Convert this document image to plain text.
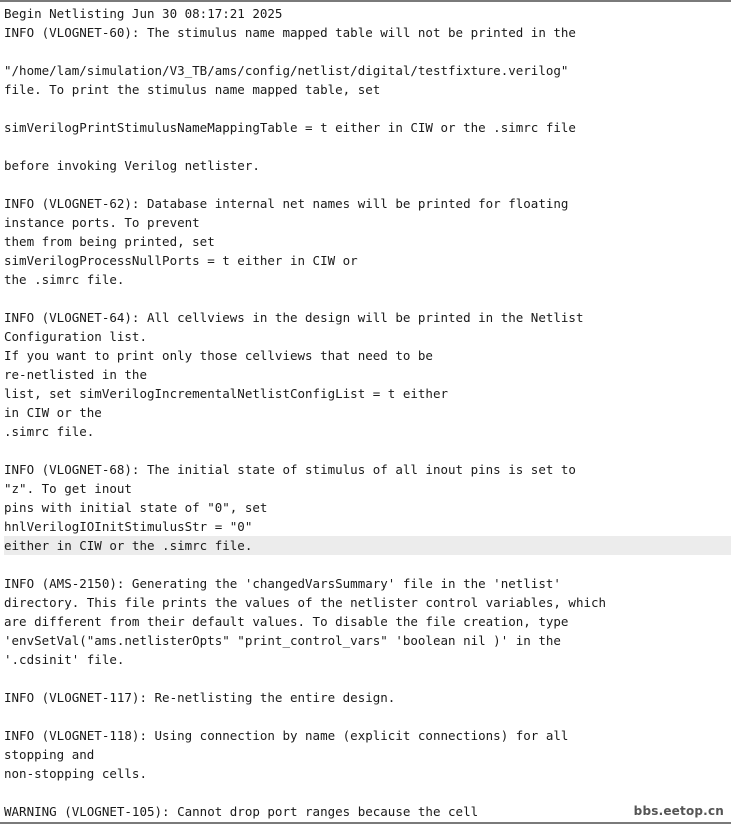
Begin Netlisting Jun 30 08:17:21 2025
INFO (VLOGNET-60): The stimulus name mapped table will not be printed in the
"/home/lam/simulation/V3_TB/ams/config/netlist/digital/testfixture.verilog"
file. To print the stimulus name mapped table, set
simVerilogPrintStimulusNameMappingTable = t either in CIW or the .simrc file
before invoking Verilog netlister.
INFO (VLOGNET-62): Database internal net names will be printed for floating
instance ports. To prevent
them from being printed, set
simVerilogProcessNullPorts = t either in CIW or
the .simrc file.
INFO (VLOGNET-64): All cellviews in the design will be printed in the Netlist
Configuration list.
If you want to print only those cellviews that need to be
re-netlisted in the
list, set simVerilogIncrementalNetlistConfigList = t either
in CIW or the
.simrc file.
INFO (VLOGNET-68): The initial state of stimulus of all inout pins is set to
"z". To get inout
pins with initial state of "0", set
hnlVerilogIOInitStimulusStr = "0"
either in CIW or the .simrc file.
INFO (AMS-2150): Generating the 'changedVarsSummary' file in the 'netlist'
directory. This file prints the values of the netlister control variables, which
are different from their default values. To disable the file creation, type
'envSetVal("ams.netlisterOpts" "print_control_vars" 'boolean nil )' in the
'.cdsinit' file.
INFO (VLOGNET-117): Re-netlisting the entire design.
INFO (VLOGNET-118): Using connection by name (explicit connections) for all
stopping and
non-stopping cells.
WARNING (VLOGNET-105): Cannot drop port ranges because the cell	bbs.eetop.cn
